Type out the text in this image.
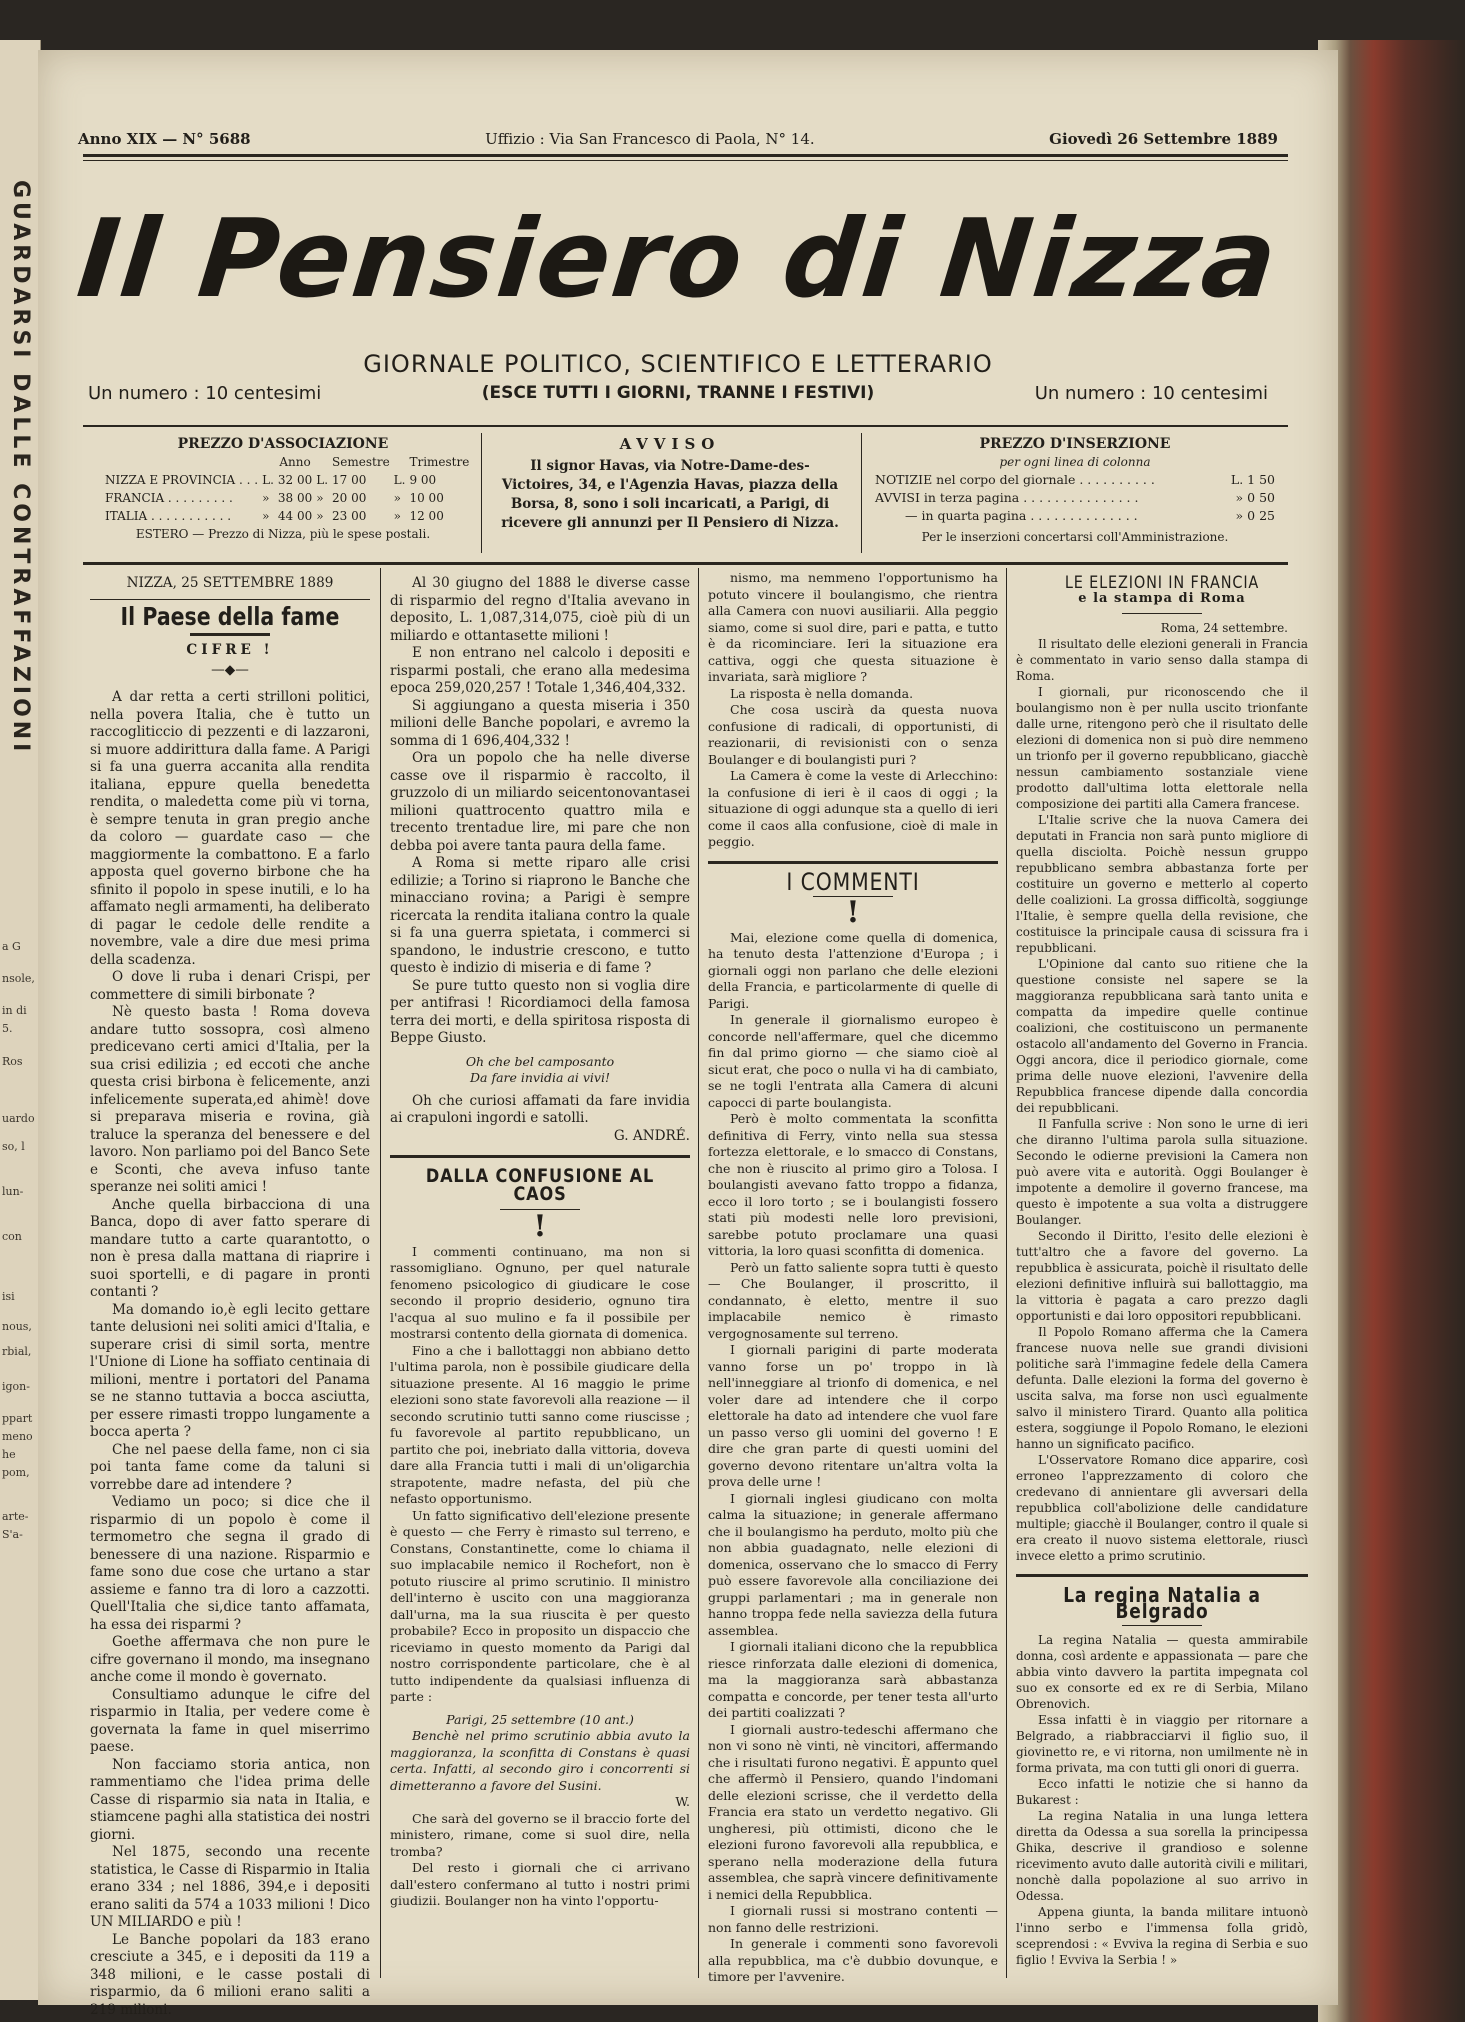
GUARDARSI DALLE CONTRAFFAZIONI
a G
nsole,
in di
5.
Ros
uardo
so, l
lun-
con
isi
nous,
rbial,
igon-
ppart
meno
he
pom,
arte-
S'a-
Anno XIX — N° 5688	Uffizio : Via San Francesco di Paola, N° 14.	Giovedì 26 Settembre 1889
Il Pensiero di Nizza
GIORNALE POLITICO, SCIENTIFICO E LETTERARIO
Un numero : 10 centesimi	(ESCE TUTTI I GIORNI, TRANNE I FESTIVI)	Un numero : 10 centesimi
PREZZO D'ASSOCIAZIONE
		Anno		Semestre		Trimestre
NIZZA E PROVINCIA . . .	L.	32 00	L.	17 00	L.	9 00
FRANCIA . . . . . . . . .	»	38 00	»	20 00	»	10 00
ITALIA . . . . . . . . . . .	»	44 00	»	23 00	»	12 00
ESTERO — Prezzo di Nizza, più le spese postali.
AVVISO
Il signor Havas, via Notre-Dame-des-Victoires, 34, e l'Agenzia Havas, piazza della Borsa, 8, sono i soli incaricati, a Parigi, di ricevere gli annunzi per Il Pensiero di Nizza.
PREZZO D'INSERZIONE
per ogni linea di colonna
NOTIZIE nel corpo del giornale . . . . . . . . . .	L. 1 50
AVVISI in terza pagina . . . . . . . . . . . . . . .	» 0 50
— in quarta pagina . . . . . . . . . . . . . .	» 0 25
Per le inserzioni concertarsi coll'Amministrazione.

NIZZA, 25 SETTEMBRE 1889

Il Paese della fame

CIFRE !

—◆—

A dar retta a certi strilloni politici, nella povera Italia, che è tutto un raccogliticcio di pezzenti e di lazzaroni, si muore addirittura dalla fame. A Parigi si fa una guerra accanita alla rendita italiana, eppure quella benedetta rendita, o maledetta come più vi torna, è sempre tenuta in gran pregio anche da coloro — guardate caso — che maggiormente la combattono. E a farlo apposta quel governo birbone che ha sfinito il popolo in spese inutili, e lo ha affamato negli armamenti, ha deliberato di pagar le cedole delle rendite a novembre, vale a dire due mesi prima della scadenza.

O dove li ruba i denari Crispi, per commettere di simili birbonate ?

Nè questo basta ! Roma doveva andare tutto sossopra, così almeno predicevano certi amici d'Italia, per la sua crisi edilizia ; ed eccoti che anche questa crisi birbona è felicemente, anzi infelicemente superata,ed ahimè! dove si preparava miseria e rovina, già traluce la speranza del benessere e del lavoro. Non parliamo poi del Banco Sete e Sconti, che aveva infuso tante speranze nei soliti amici !

Anche quella birbacciona di una Banca, dopo di aver fatto sperare di mandare tutto a carte quarantotto, o non è presa dalla mattana di riaprire i suoi sportelli, e di pagare in pronti contanti ?

Ma domando io,è egli lecito gettare tante delusioni nei soliti amici d'Italia, e superare crisi di simil sorta, mentre l'Unione di Lione ha soffiato centinaia di milioni, mentre i portatori del Panama se ne stanno tuttavia a bocca asciutta, per essere rimasti troppo lungamente a bocca aperta ?

Che nel paese della fame, non ci sia poi tanta fame come da taluni si vorrebbe dare ad intendere ?

Vediamo un poco; si dice che il risparmio di un popolo è come il termometro che segna il grado di benessere di una nazione. Risparmio e fame sono due cose che urtano a star assieme e fanno tra di loro a cazzotti. Quell'Italia che si,dice tanto affamata, ha essa dei risparmi ?

Goethe affermava che non pure le cifre governano il mondo, ma insegnano anche come il mondo è governato.

Consultiamo adunque le cifre del risparmio in Italia, per vedere come è governata la fame in quel miserrimo paese.

Non facciamo storia antica, non rammentiamo che l'idea prima delle Casse di risparmio sia nata in Italia, e stiamcene paghi alla statistica dei nostri giorni.

Nel 1875, secondo una recente statistica, le Casse di Risparmio in Italia erano 334 ; nel 1886, 394,e i depositi erano saliti da 574 a 1033 milioni ! Dico UN MILIARDO e più !

Le Banche popolari da 183 erano cresciute a 345, e i depositi da 119 a 348 milioni, e le casse postali di risparmio, da 6 milioni erano saliti a 219 milioni.

Al 30 giugno del 1888 le diverse casse di risparmio del regno d'Italia avevano in deposito, L. 1,087,314,075, cioè più di un miliardo e ottantasette milioni !

E non entrano nel calcolo i depositi e risparmi postali, che erano alla medesima epoca 259,020,257 ! Totale 1,346,404,332.

Si aggiungano a questa miseria i 350 milioni delle Banche popolari, e avremo la somma di 1 696,404,332 !

Ora un popolo che ha nelle diverse casse ove il risparmio è raccolto, il gruzzolo di un miliardo seicentonovantasei milioni quattrocento quattro mila e trecento trentadue lire, mi pare che non debba poi avere tanta paura della fame.

A Roma si mette riparo alle crisi edilizie; a Torino si riaprono le Banche che minacciano rovina; a Parigi è sempre ricercata la rendita italiana contro la quale si fa una guerra spietata, i commerci si spandono, le industrie crescono, e tutto questo è indizio di miseria e di fame ?

Se pure tutto questo non si voglia dire per antifrasi ! Ricordiamoci della famosa terra dei morti, e della spiritosa risposta di Beppe Giusto.

Oh che bel camposanto

Da fare invidia ai vivi!

Oh che curiosi affamati da fare invidia ai crapuloni ingordi e satolli.

G. ANDRÉ.

DALLA CONFUSIONE AL CAOS
!

I commenti continuano, ma non si rassomigliano. Ognuno, per quel naturale fenomeno psicologico di giudicare le cose secondo il proprio desiderio, ognuno tira l'acqua al suo mulino e fa il possibile per mostrarsi contento della giornata di domenica.

Fino a che i ballottaggi non abbiano detto l'ultima parola, non è possibile giudicare della situazione presente. Al 16 maggio le prime elezioni sono state favorevoli alla reazione — il secondo scrutinio tutti sanno come riuscisse ; fu favorevole al partito repubblicano, un partito che poi, inebriato dalla vittoria, doveva dare alla Francia tutti i mali di un'oligarchia strapotente, madre nefasta, del più che nefasto opportunismo.

Un fatto significativo dell'elezione presente è questo — che Ferry è rimasto sul terreno, e Constans, Constantinette, come lo chiama il suo implacabile nemico il Rochefort, non è potuto riuscire al primo scrutinio. Il ministro dell'interno è uscito con una maggioranza dall'urna, ma la sua riuscita è per questo probabile? Ecco in proposito un dispaccio che riceviamo in questo momento da Parigi dal nostro corrispondente particolare, che è al tutto indipendente da qualsiasi influenza di parte :

Parigi, 25 settembre (10 ant.)

Benchè nel primo scrutinio abbia avuto la maggioranza, la sconfitta di Constans è quasi certa. Infatti, al secondo giro i concorrenti si dimetteranno a favore del Susini.

W.

Che sarà del governo se il braccio forte del ministero, rimane, come si suol dire, nella tromba?

Del resto i giornali che ci arrivano dall'estero confermano al tutto i nostri primi giudizii. Boulanger non ha vinto l'opportu-

nismo, ma nemmeno l'opportunismo ha potuto vincere il boulangismo, che rientra alla Camera con nuovi ausiliarii. Alla peggio siamo, come si suol dire, pari e patta, e tutto è da ricominciare. Ieri la situazione era cattiva, oggi che questa situazione è invariata, sarà migliore ?

La risposta è nella domanda.

Che cosa uscirà da questa nuova confusione di radicali, di opportunisti, di reazionarii, di revisionisti con o senza Boulanger e di boulangisti puri ?

La Camera è come la veste di Arlecchino: la confusione di ieri è il caos di oggi ; la situazione di oggi adunque sta a quello di ieri come il caos alla confusione, cioè di male in peggio.

I COMMENTI
!

Mai, elezione come quella di domenica, ha tenuto desta l'attenzione d'Europa ; i giornali oggi non parlano che delle elezioni della Francia, e particolarmente di quelle di Parigi.

In generale il giornalismo europeo è concorde nell'affermare, quel che dicemmo fin dal primo giorno — che siamo cioè al sicut erat, che poco o nulla vi ha di cambiato, se ne togli l'entrata alla Camera di alcuni capocci di parte boulangista.

Però è molto commentata la sconfitta definitiva di Ferry, vinto nella sua stessa fortezza elettorale, e lo smacco di Constans, che non è riuscito al primo giro a Tolosa. I boulangisti avevano fatto troppo a fidanza, ecco il loro torto ; se i boulangisti fossero stati più modesti nelle loro previsioni, sarebbe potuto proclamare una quasi vittoria, la loro quasi sconfitta di domenica.

Però un fatto saliente sopra tutti è questo — Che Boulanger, il proscritto, il condannato, è eletto, mentre il suo implacabile nemico è rimasto vergognosamente sul terreno.

I giornali parigini di parte moderata vanno forse un po' troppo in là nell'inneggiare al trionfo di domenica, e nel voler dare ad intendere che il corpo elettorale ha dato ad intendere che vuol fare un passo verso gli uomini del governo ! E dire che gran parte di questi uomini del governo devono ritentare un'altra volta la prova delle urne !

I giornali inglesi giudicano con molta calma la situazione; in generale affermano che il boulangismo ha perduto, molto più che non abbia guadagnato, nelle elezioni di domenica, osservano che lo smacco di Ferry può essere favorevole alla conciliazione dei gruppi parlamentari ; ma in generale non hanno troppa fede nella saviezza della futura assemblea.

I giornali italiani dicono che la repubblica riesce rinforzata dalle elezioni di domenica, ma la maggioranza sarà abbastanza compatta e concorde, per tener testa all'urto dei partiti coalizzati ?

I giornali austro-tedeschi affermano che non vi sono nè vinti, nè vincitori, affermando che i risultati furono negativi. È appunto quel che affermò il Pensiero, quando l'indomani delle elezioni scrisse, che il verdetto della Francia era stato un verdetto negativo. Gli ungheresi, più ottimisti, dicono che le elezioni furono favorevoli alla repubblica, e sperano nella moderazione della futura assemblea, che saprà vincere definitivamente i nemici della Repubblica.

I giornali russi si mostrano contenti — non fanno delle restrizioni.

In generale i commenti sono favorevoli alla repubblica, ma c'è dubbio dovunque, e timore per l'avvenire.

LE ELEZIONI IN FRANCIA

e la stampa di Roma

Roma, 24 settembre.

Il risultato delle elezioni generali in Francia è commentato in vario senso dalla stampa di Roma.

I giornali, pur riconoscendo che il boulangismo non è per nulla uscito trionfante dalle urne, ritengono però che il risultato delle elezioni di domenica non si può dire nemmeno un trionfo per il governo repubblicano, giacchè nessun cambiamento sostanziale viene prodotto dall'ultima lotta elettorale nella composizione dei partiti alla Camera francese.

L'Italie scrive che la nuova Camera dei deputati in Francia non sarà punto migliore di quella disciolta. Poichè nessun gruppo repubblicano sembra abbastanza forte per costituire un governo e metterlo al coperto delle coalizioni. La grossa difficoltà, soggiunge l'Italie, è sempre quella della revisione, che costituisce la principale causa di scissura fra i repubblicani.

L'Opinione dal canto suo ritiene che la questione consiste nel sapere se la maggioranza repubblicana sarà tanto unita e compatta da impedire quelle continue coalizioni, che costituiscono un permanente ostacolo all'andamento del Governo in Francia. Oggi ancora, dice il periodico giornale, come prima delle nuove elezioni, l'avvenire della Repubblica francese dipende dalla concordia dei repubblicani.

Il Fanfulla scrive : Non sono le urne di ieri che diranno l'ultima parola sulla situazione. Secondo le odierne previsioni la Camera non può avere vita e autorità. Oggi Boulanger è impotente a demolire il governo francese, ma questo è impotente a sua volta a distruggere Boulanger.

Secondo il Diritto, l'esito delle elezioni è tutt'altro che a favore del governo. La repubblica è assicurata, poichè il risultato delle elezioni definitive influirà sui ballottaggio, ma la vittoria è pagata a caro prezzo dagli opportunisti e dai loro oppositori repubblicani.

Il Popolo Romano afferma che la Camera francese nuova nelle sue grandi divisioni politiche sarà l'immagine fedele della Camera defunta. Dalle elezioni la forma del governo è uscita salva, ma forse non uscì egualmente salvo il ministero Tirard. Quanto alla politica estera, soggiunge il Popolo Romano, le elezioni hanno un significato pacifico.

L'Osservatore Romano dice apparire, così erroneo l'apprezzamento di coloro che credevano di annientare gli avversari della repubblica coll'abolizione delle candidature multiple; giacchè il Boulanger, contro il quale si era creato il nuovo sistema elettorale, riuscì invece eletto a primo scrutinio.

La regina Natalia a Belgrado

La regina Natalia — questa ammirabile donna, così ardente e appassionata — pare che abbia vinto davvero la partita impegnata col suo ex consorte ed ex re di Serbia, Milano Obrenovich.

Essa infatti è in viaggio per ritornare a Belgrado, a riabbracciarvi il figlio suo, il giovinetto re, e vi ritorna, non umilmente nè in forma privata, ma con tutti gli onori di guerra.

Ecco infatti le notizie che si hanno da Bukarest :

La regina Natalia in una lunga lettera diretta da Odessa a sua sorella la principessa Ghika, descrive il grandioso e solenne ricevimento avuto dalle autorità civili e militari, nonchè dalla popolazione al suo arrivo in Odessa.

Appena giunta, la banda militare intuonò l'inno serbo e l'immensa folla gridò, sceprendosi : « Evviva la regina di Serbia e suo figlio ! Evviva la Serbia ! »
